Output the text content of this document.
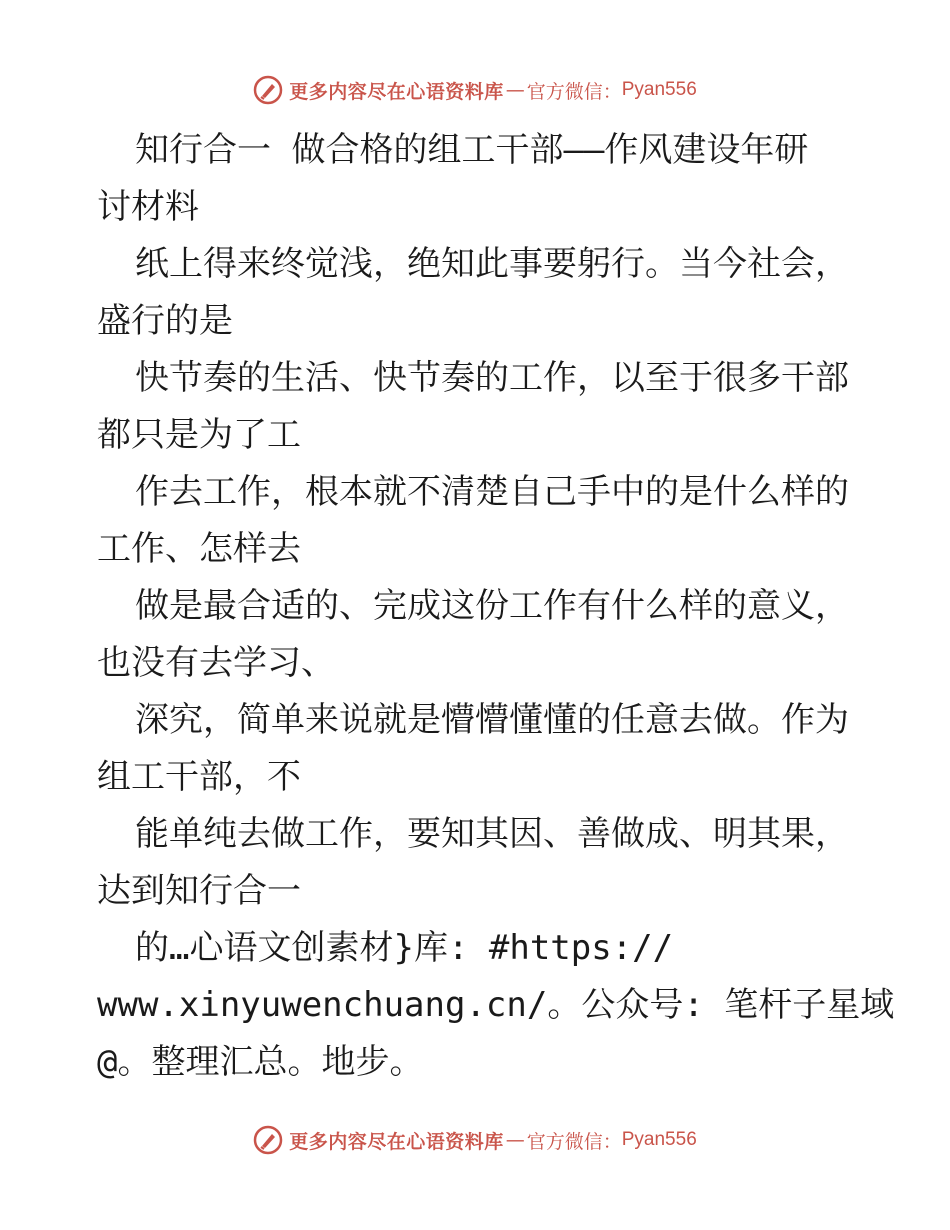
更多内容尽在心语资料库 — 官方微信： Pyan556
知行合一 做合格的组工干部——作风建设年研
讨材料
纸上得来终觉浅，绝知此事要躬行。当今社会，
盛行的是
快节奏的生活、快节奏的工作，以至于很多干部
都只是为了工
作去工作，根本就不清楚自己手中的是什么样的
工作、怎样去
做是最合适的、完成这份工作有什么样的意义，
也没有去学习、
深究，简单来说就是懵懵懂懂的任意去做。作为
组工干部，不
能单纯去做工作，要知其因、善做成、明其果，
达到知行合一
的…心语文创素材}库: #https://
www.xinyuwenchuang.cn/。公众号: 笔杆子星域
@。整理汇总。地步。
更多内容尽在心语资料库 — 官方微信： Pyan556
